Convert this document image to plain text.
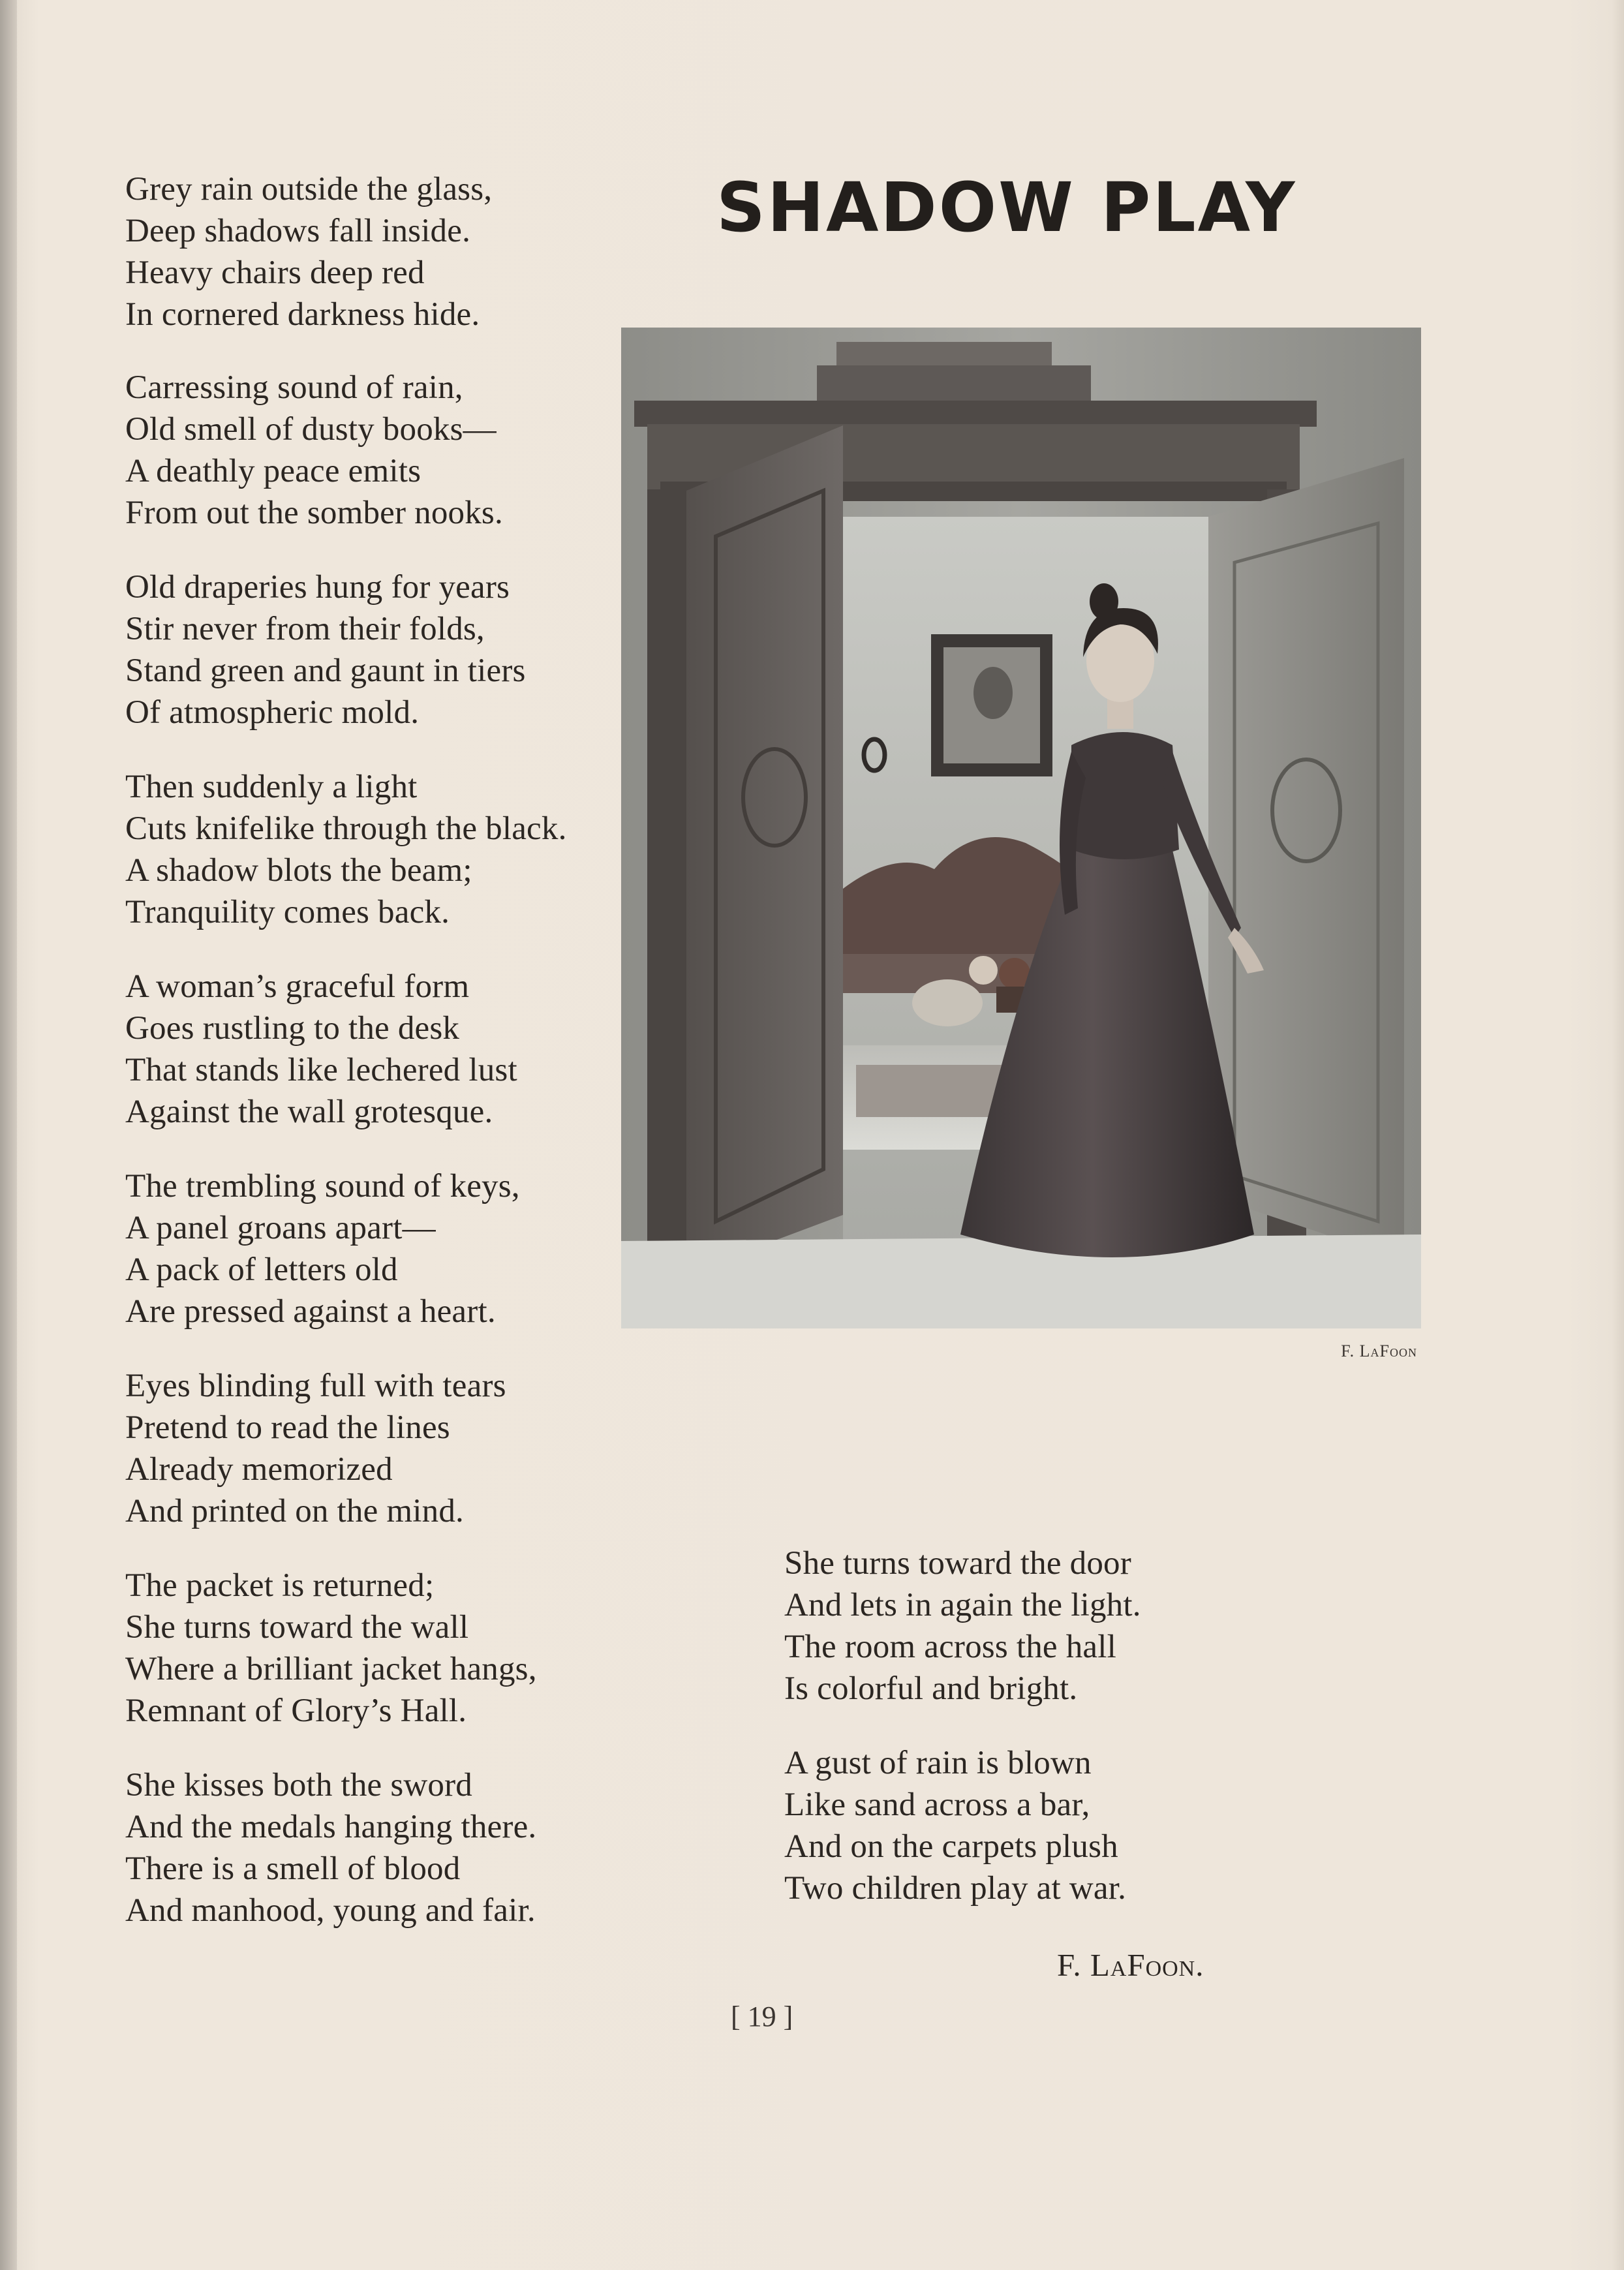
SHADOW PLAY
Grey rain outside the glass,
Deep shadows fall inside.
Heavy chairs deep red
In cornered darkness hide.
Carressing sound of rain,
Old smell of dusty books—
A deathly peace emits
From out the somber nooks.
Old draperies hung for years
Stir never from their folds,
Stand green and gaunt in tiers
Of atmospheric mold.
Then suddenly a light
Cuts knifelike through the black.
A shadow blots the beam;
Tranquility comes back.
A woman’s graceful form
Goes rustling to the desk
That stands like lechered lust
Against the wall grotesque.
The trembling sound of keys,
A panel groans apart—
A pack of letters old
Are pressed against a heart.
Eyes blinding full with tears
Pretend to read the lines
Already memorized
And printed on the mind.
The packet is returned;
She turns toward the wall
Where a brilliant jacket hangs,
Remnant of Glory’s Hall.
She kisses both the sword
And the medals hanging there.
There is a smell of blood
And manhood, young and fair.
F. LaFoon
She turns toward the door
And lets in again the light.
The room across the hall
Is colorful and bright.
A gust of rain is blown
Like sand across a bar,
And on the carpets plush
Two children play at war.
F. LaFoon.
[ 19 ]
